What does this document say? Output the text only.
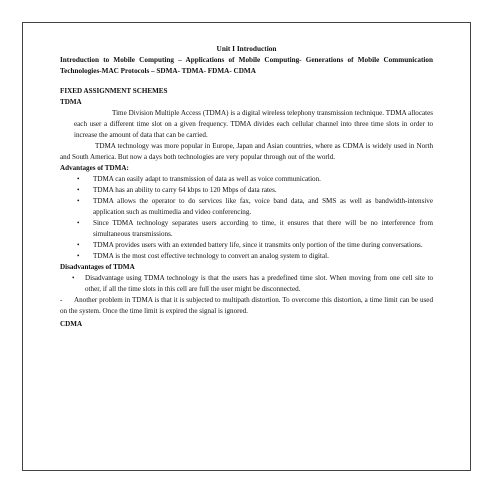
Unit I Introduction

Introduction to Mobile Computing – Applications of Mobile Computing- Generations of Mobile Communication Technologies-MAC Protocols – SDMA- TDMA- FDMA- CDMA

FIXED ASSIGNMENT SCHEMES

TDMA

Time Division Multiple Access (TDMA) is a digital wireless telephony transmission technique. TDMA allocates each user a different time slot on a given frequency. TDMA divides each cellular channel into three time slots in order to increase the amount of data that can be carried.

TDMA technology was more popular in Europe, Japan and Asian countries, where as CDMA is widely used in North and South America. But now a days both technologies are very popular through out of the world.

Advantages of TDMA:

• TDMA can easily adapt to transmission of data as well as voice communication.
• TDMA has an ability to carry 64 kbps to 120 Mbps of data rates.
• TDMA allows the operator to do services like fax, voice band data, and SMS as well as bandwidth-intensive application such as multimedia and video conferencing.
• Since TDMA technology separates users according to time, it ensures that there will be no interference from simultaneous transmissions.
• TDMA provides users with an extended battery life, since it transmits only portion of the time during conversations.
• TDMA is the most cost effective technology to convert an analog system to digital.

Disadvantages of TDMA

• Disadvantage using TDMA technology is that the users has a predefined time slot. When moving from one cell site to other, if all the time slots in this cell are full the user might be disconnected.

- Another problem in TDMA is that it is subjected to multipath distortion. To overcome this distortion, a time limit can be used on the system. Once the time limit is expired the signal is ignored.

CDMA
